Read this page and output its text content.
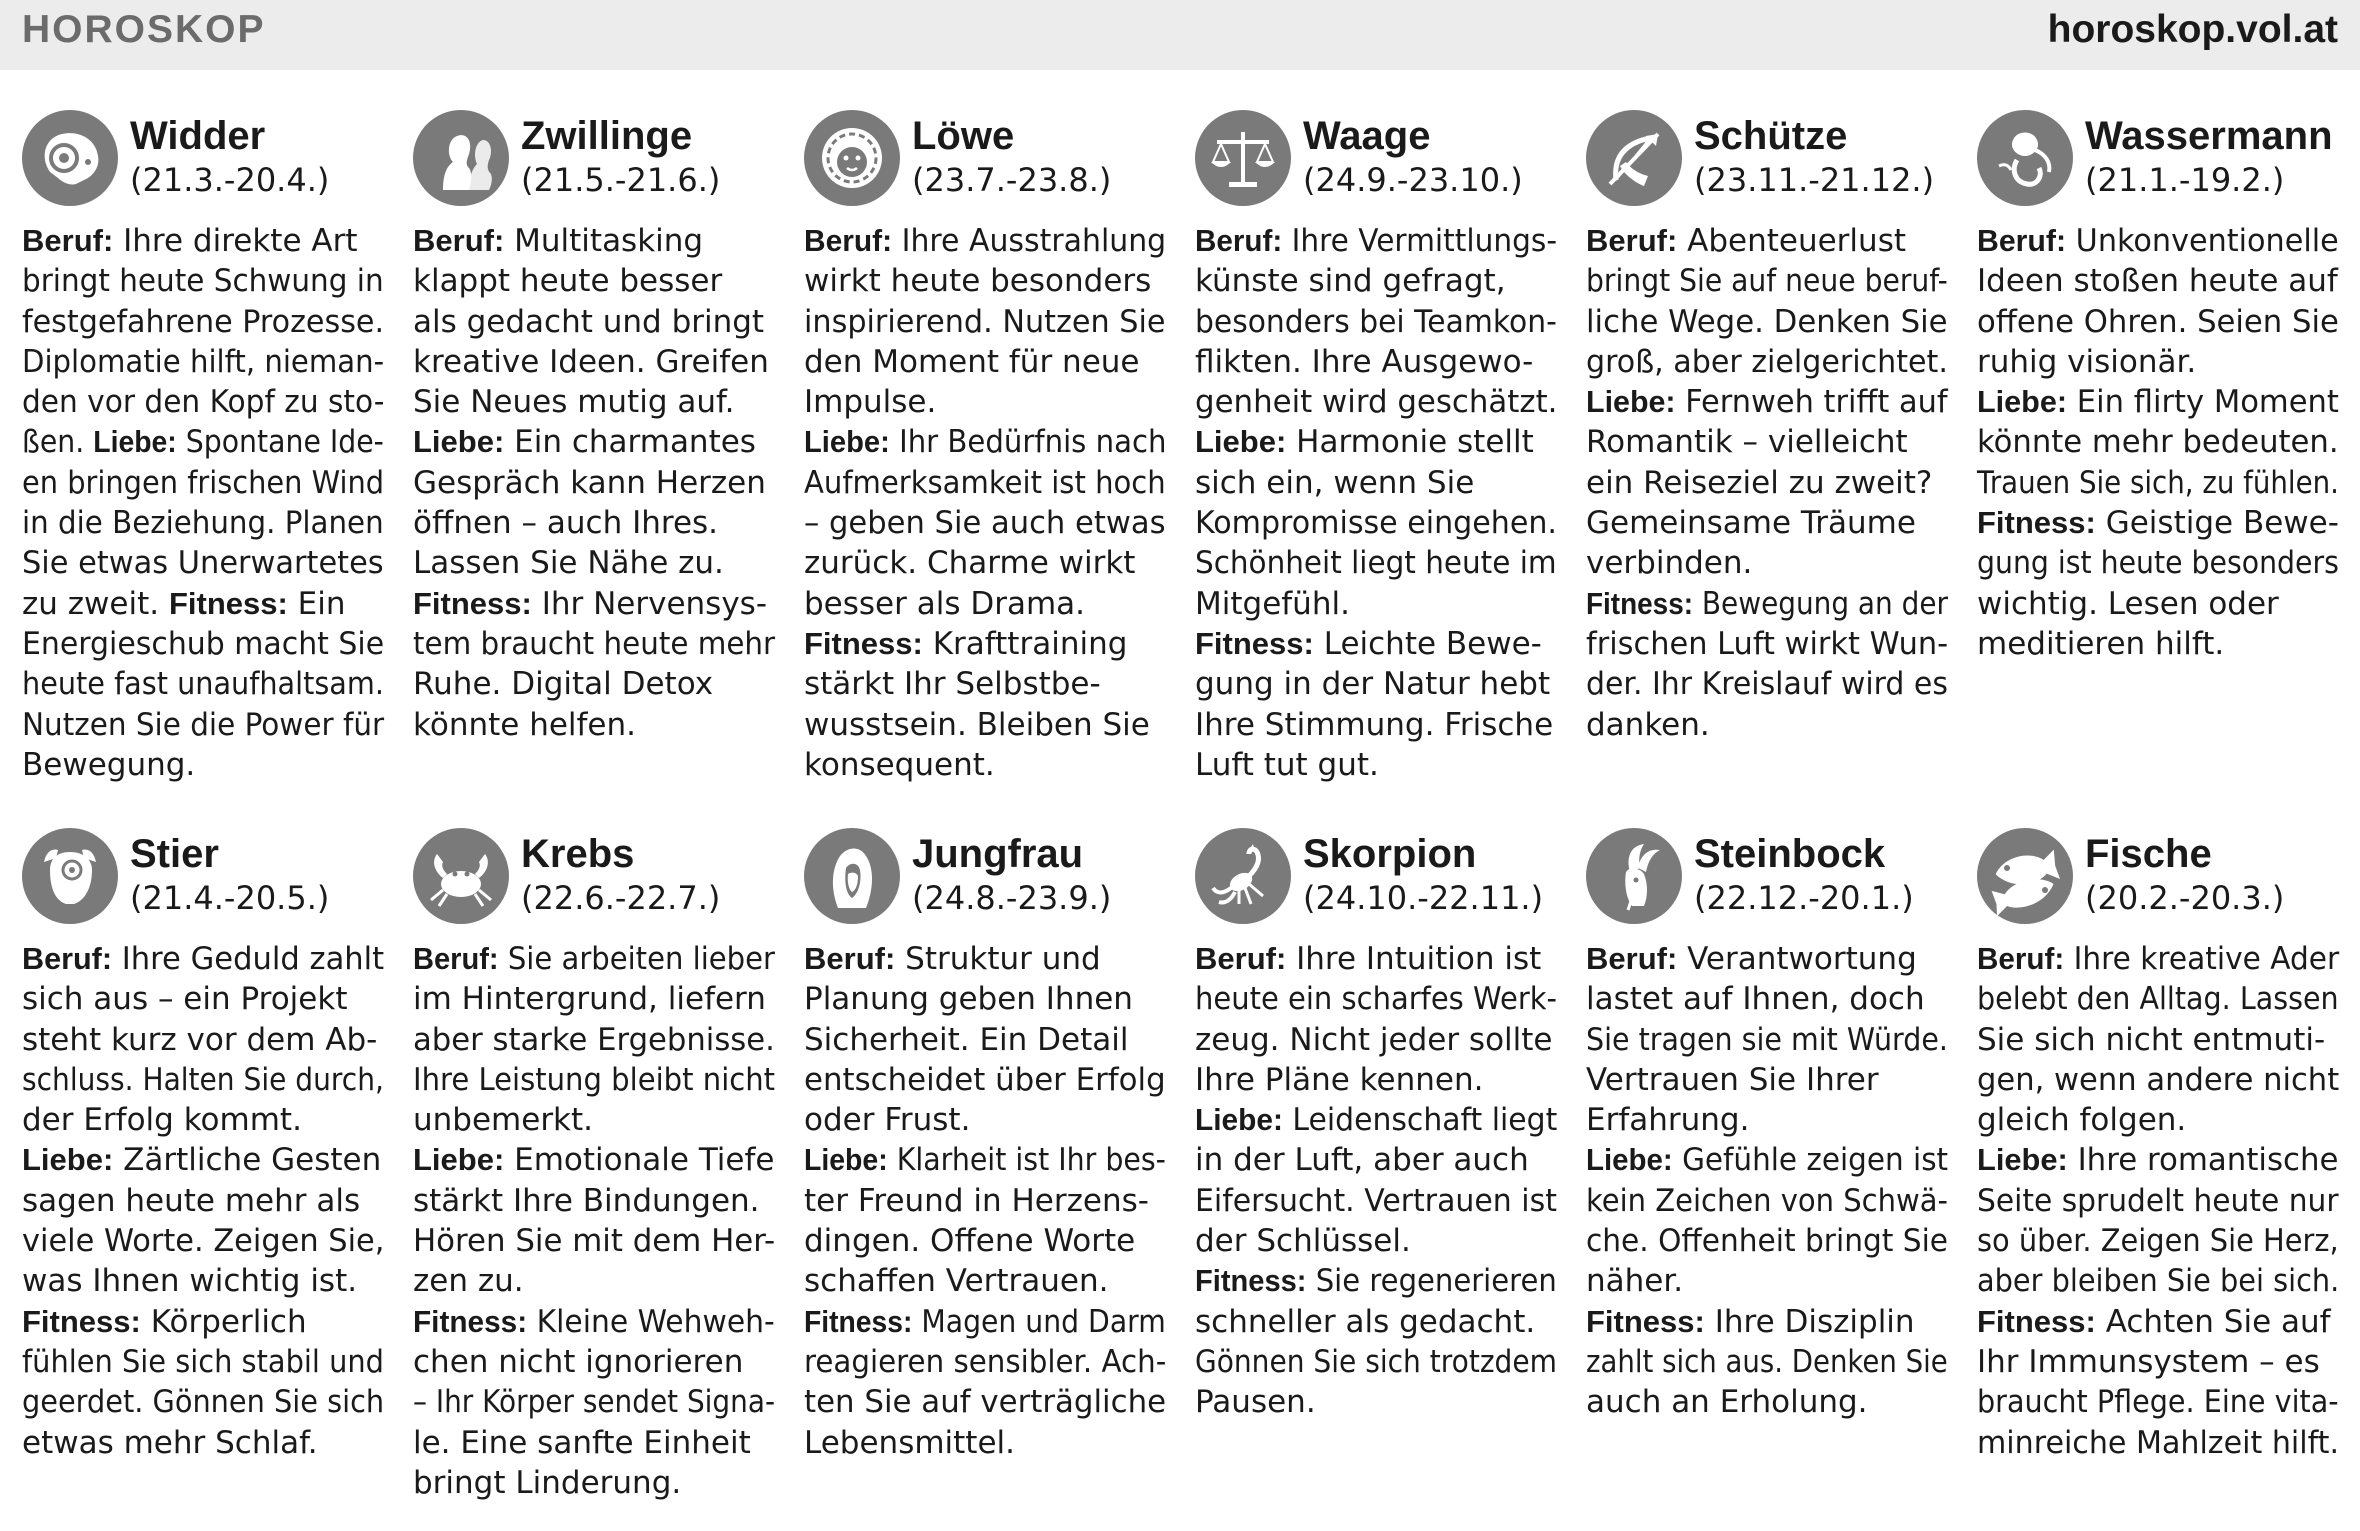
HOROSKOP	horoskop.vol.at
Widder
(21.3.-20.4.)
Beruf: Ihre direkte Art
bringt heute Schwung in
festgefahrene Prozesse.
Diplomatie hilft, nieman-
den vor den Kopf zu sto-
ßen. Liebe: Spontane Ide-
en bringen frischen Wind
in die Beziehung. Planen
Sie etwas Unerwartetes
zu zweit. Fitness: Ein
Energieschub macht Sie
heute fast unaufhaltsam.
Nutzen Sie die Power für
Bewegung.
Zwillinge
(21.5.-21.6.)
Beruf: Multitasking
klappt heute besser
als gedacht und bringt
kreative Ideen. Greifen
Sie Neues mutig auf.
Liebe: Ein charmantes
Gespräch kann Herzen
öffnen – auch Ihres.
Lassen Sie Nähe zu.
Fitness: Ihr Nervensys-
tem braucht heute mehr
Ruhe. Digital Detox
könnte helfen.
Löwe
(23.7.-23.8.)
Beruf: Ihre Ausstrahlung
wirkt heute besonders
inspirierend. Nutzen Sie
den Moment für neue
Impulse.
Liebe: Ihr Bedürfnis nach
Aufmerksamkeit ist hoch
– geben Sie auch etwas
zurück. Charme wirkt
besser als Drama.
Fitness: Krafttraining
stärkt Ihr Selbstbe-
wusstsein. Bleiben Sie
konsequent.
Waage
(24.9.-23.10.)
Beruf: Ihre Vermittlungs-
künste sind gefragt,
besonders bei Teamkon-
flikten. Ihre Ausgewo-
genheit wird geschätzt.
Liebe: Harmonie stellt
sich ein, wenn Sie
Kompromisse eingehen.
Schönheit liegt heute im
Mitgefühl.
Fitness: Leichte Bewe-
gung in der Natur hebt
Ihre Stimmung. Frische
Luft tut gut.
Schütze
(23.11.-21.12.)
Beruf: Abenteuerlust
bringt Sie auf neue beruf-
liche Wege. Denken Sie
groß, aber zielgerichtet.
Liebe: Fernweh trifft auf
Romantik – vielleicht
ein Reiseziel zu zweit?
Gemeinsame Träume
verbinden.
Fitness: Bewegung an der
frischen Luft wirkt Wun-
der. Ihr Kreislauf wird es
danken.
Wassermann
(21.1.-19.2.)
Beruf: Unkonventionelle
Ideen stoßen heute auf
offene Ohren. Seien Sie
ruhig visionär.
Liebe: Ein flirty Moment
könnte mehr bedeuten.
Trauen Sie sich, zu fühlen.
Fitness: Geistige Bewe-
gung ist heute besonders
wichtig. Lesen oder
meditieren hilft.
Stier
(21.4.-20.5.)
Beruf: Ihre Geduld zahlt
sich aus – ein Projekt
steht kurz vor dem Ab-
schluss. Halten Sie durch,
der Erfolg kommt.
Liebe: Zärtliche Gesten
sagen heute mehr als
viele Worte. Zeigen Sie,
was Ihnen wichtig ist.
Fitness: Körperlich
fühlen Sie sich stabil und
geerdet. Gönnen Sie sich
etwas mehr Schlaf.
Krebs
(22.6.-22.7.)
Beruf: Sie arbeiten lieber
im Hintergrund, liefern
aber starke Ergebnisse.
Ihre Leistung bleibt nicht
unbemerkt.
Liebe: Emotionale Tiefe
stärkt Ihre Bindungen.
Hören Sie mit dem Her-
zen zu.
Fitness: Kleine Wehweh-
chen nicht ignorieren
– Ihr Körper sendet Signa-
le. Eine sanfte Einheit
bringt Linderung.
Jungfrau
(24.8.-23.9.)
Beruf: Struktur und
Planung geben Ihnen
Sicherheit. Ein Detail
entscheidet über Erfolg
oder Frust.
Liebe: Klarheit ist Ihr bes-
ter Freund in Herzens-
dingen. Offene Worte
schaffen Vertrauen.
Fitness: Magen und Darm
reagieren sensibler. Ach-
ten Sie auf verträgliche
Lebensmittel.
Skorpion
(24.10.-22.11.)
Beruf: Ihre Intuition ist
heute ein scharfes Werk-
zeug. Nicht jeder sollte
Ihre Pläne kennen.
Liebe: Leidenschaft liegt
in der Luft, aber auch
Eifersucht. Vertrauen ist
der Schlüssel.
Fitness: Sie regenerieren
schneller als gedacht.
Gönnen Sie sich trotzdem
Pausen.
Steinbock
(22.12.-20.1.)
Beruf: Verantwortung
lastet auf Ihnen, doch
Sie tragen sie mit Würde.
Vertrauen Sie Ihrer
Erfahrung.
Liebe: Gefühle zeigen ist
kein Zeichen von Schwä-
che. Offenheit bringt Sie
näher.
Fitness: Ihre Disziplin
zahlt sich aus. Denken Sie
auch an Erholung.
Fische
(20.2.-20.3.)
Beruf: Ihre kreative Ader
belebt den Alltag. Lassen
Sie sich nicht entmuti-
gen, wenn andere nicht
gleich folgen.
Liebe: Ihre romantische
Seite sprudelt heute nur
so über. Zeigen Sie Herz,
aber bleiben Sie bei sich.
Fitness: Achten Sie auf
Ihr Immunsystem – es
braucht Pflege. Eine vita-
minreiche Mahlzeit hilft.
